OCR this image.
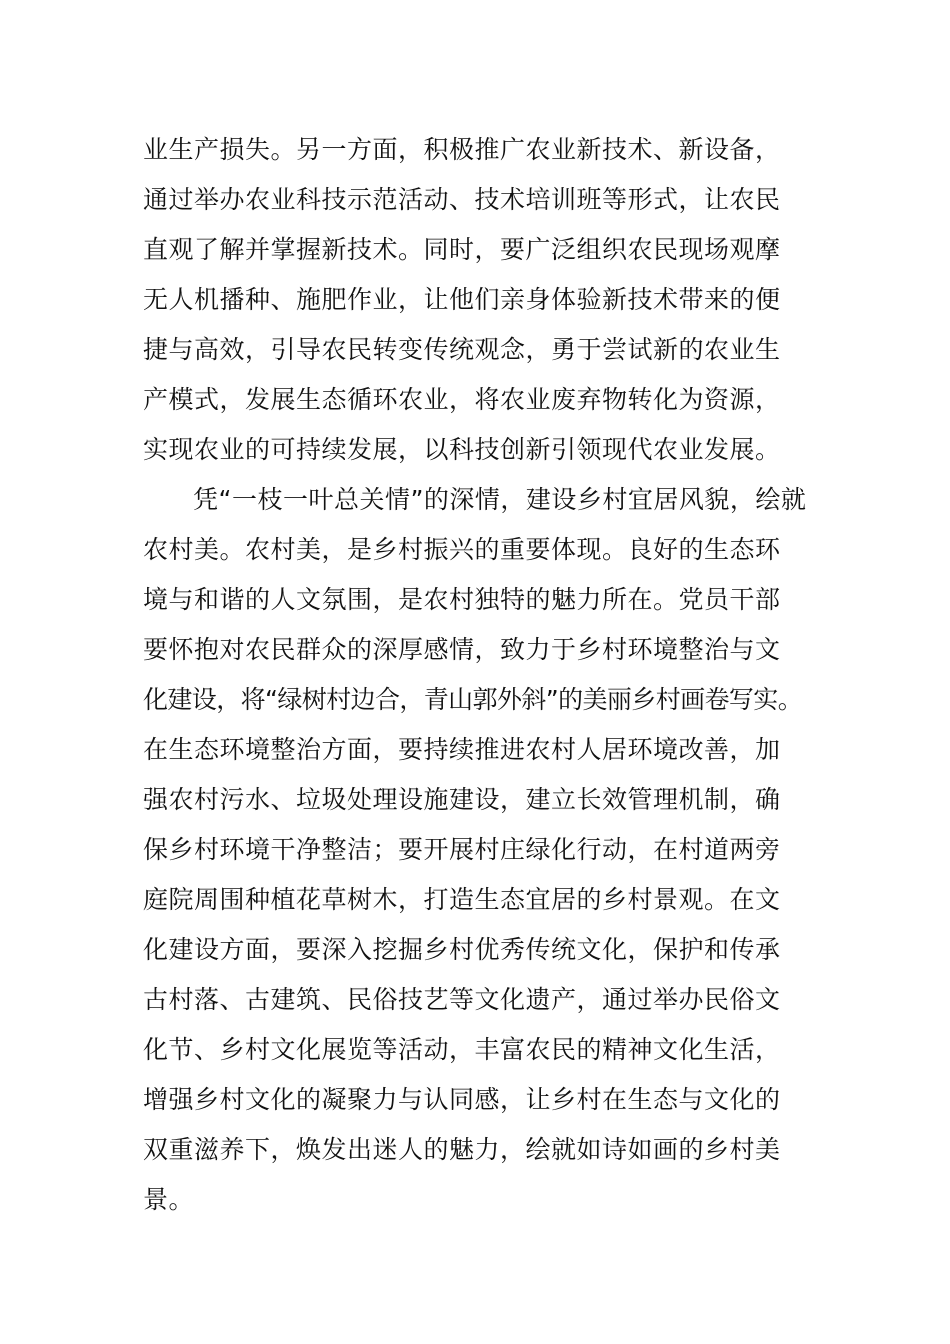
业生产损失。另一方面，积极推广农业新技术、新设备，
通过举办农业科技示范活动、技术培训班等形式，让农民
直观了解并掌握新技术。同时，要广泛组织农民现场观摩
无人机播种、施肥作业，让他们亲身体验新技术带来的便
捷与高效，引导农民转变传统观念，勇于尝试新的农业生
产模式，发展生态循环农业，将农业废弃物转化为资源，
实现农业的可持续发展，以科技创新引领现代农业发展。
凭“一枝一叶总关情”的深情，建设乡村宜居风貌，绘就
农村美。农村美，是乡村振兴的重要体现。良好的生态环
境与和谐的人文氛围，是农村独特的魅力所在。党员干部
要怀抱对农民群众的深厚感情，致力于乡村环境整治与文
化建设，将“绿树村边合，青山郭外斜”的美丽乡村画卷写实。
在生态环境整治方面，要持续推进农村人居环境改善，加
强农村污水、垃圾处理设施建设，建立长效管理机制，确
保乡村环境干净整洁；要开展村庄绿化行动，在村道两旁
庭院周围种植花草树木，打造生态宜居的乡村景观。在文
化建设方面，要深入挖掘乡村优秀传统文化，保护和传承
古村落、古建筑、民俗技艺等文化遗产，通过举办民俗文
化节、乡村文化展览等活动，丰富农民的精神文化生活，
增强乡村文化的凝聚力与认同感，让乡村在生态与文化的
双重滋养下，焕发出迷人的魅力，绘就如诗如画的乡村美
景。
